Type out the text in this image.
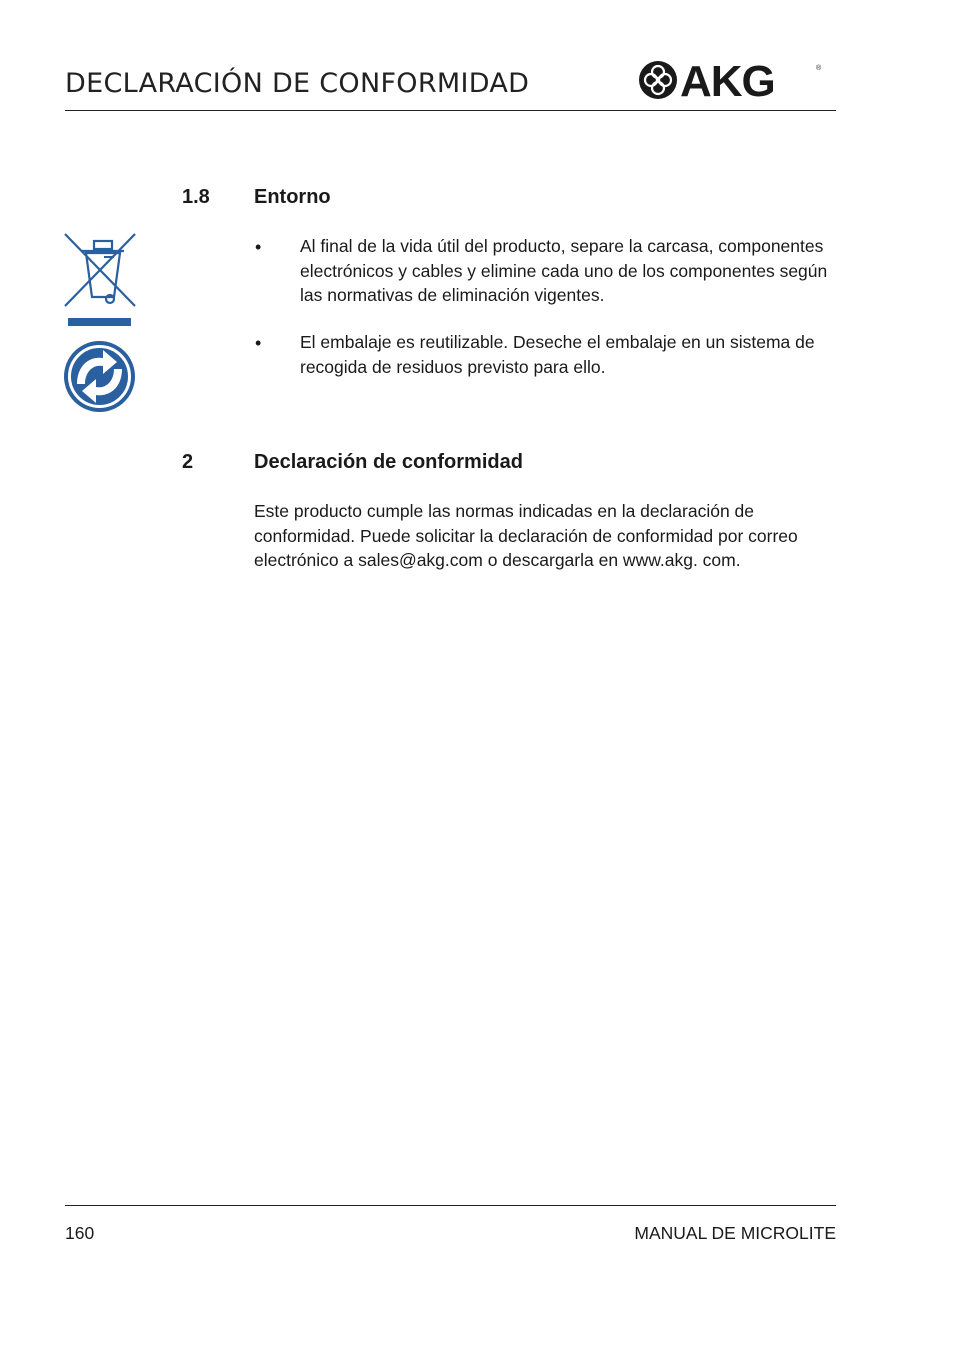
DECLARACIÓN DE CONFORMIDAD	AKG	®
1.8 Entorno
• Al final de la vida útil del producto, separe la carcasa, componentes electrónicos y cables y elimine cada uno de los componentes según las normativas de eliminación vigentes.
• El embalaje es reutilizable. Deseche el embalaje en un sistema de recogida de residuos previsto para ello.
2	Declaración de conformidad
Este producto cumple las normas indicadas en la declaración de conformidad. Puede solicitar la declaración de conformidad por correo electrónico a sales@akg.com o descargarla en www.akg. com.
160	MANUAL DE MICROLITE
